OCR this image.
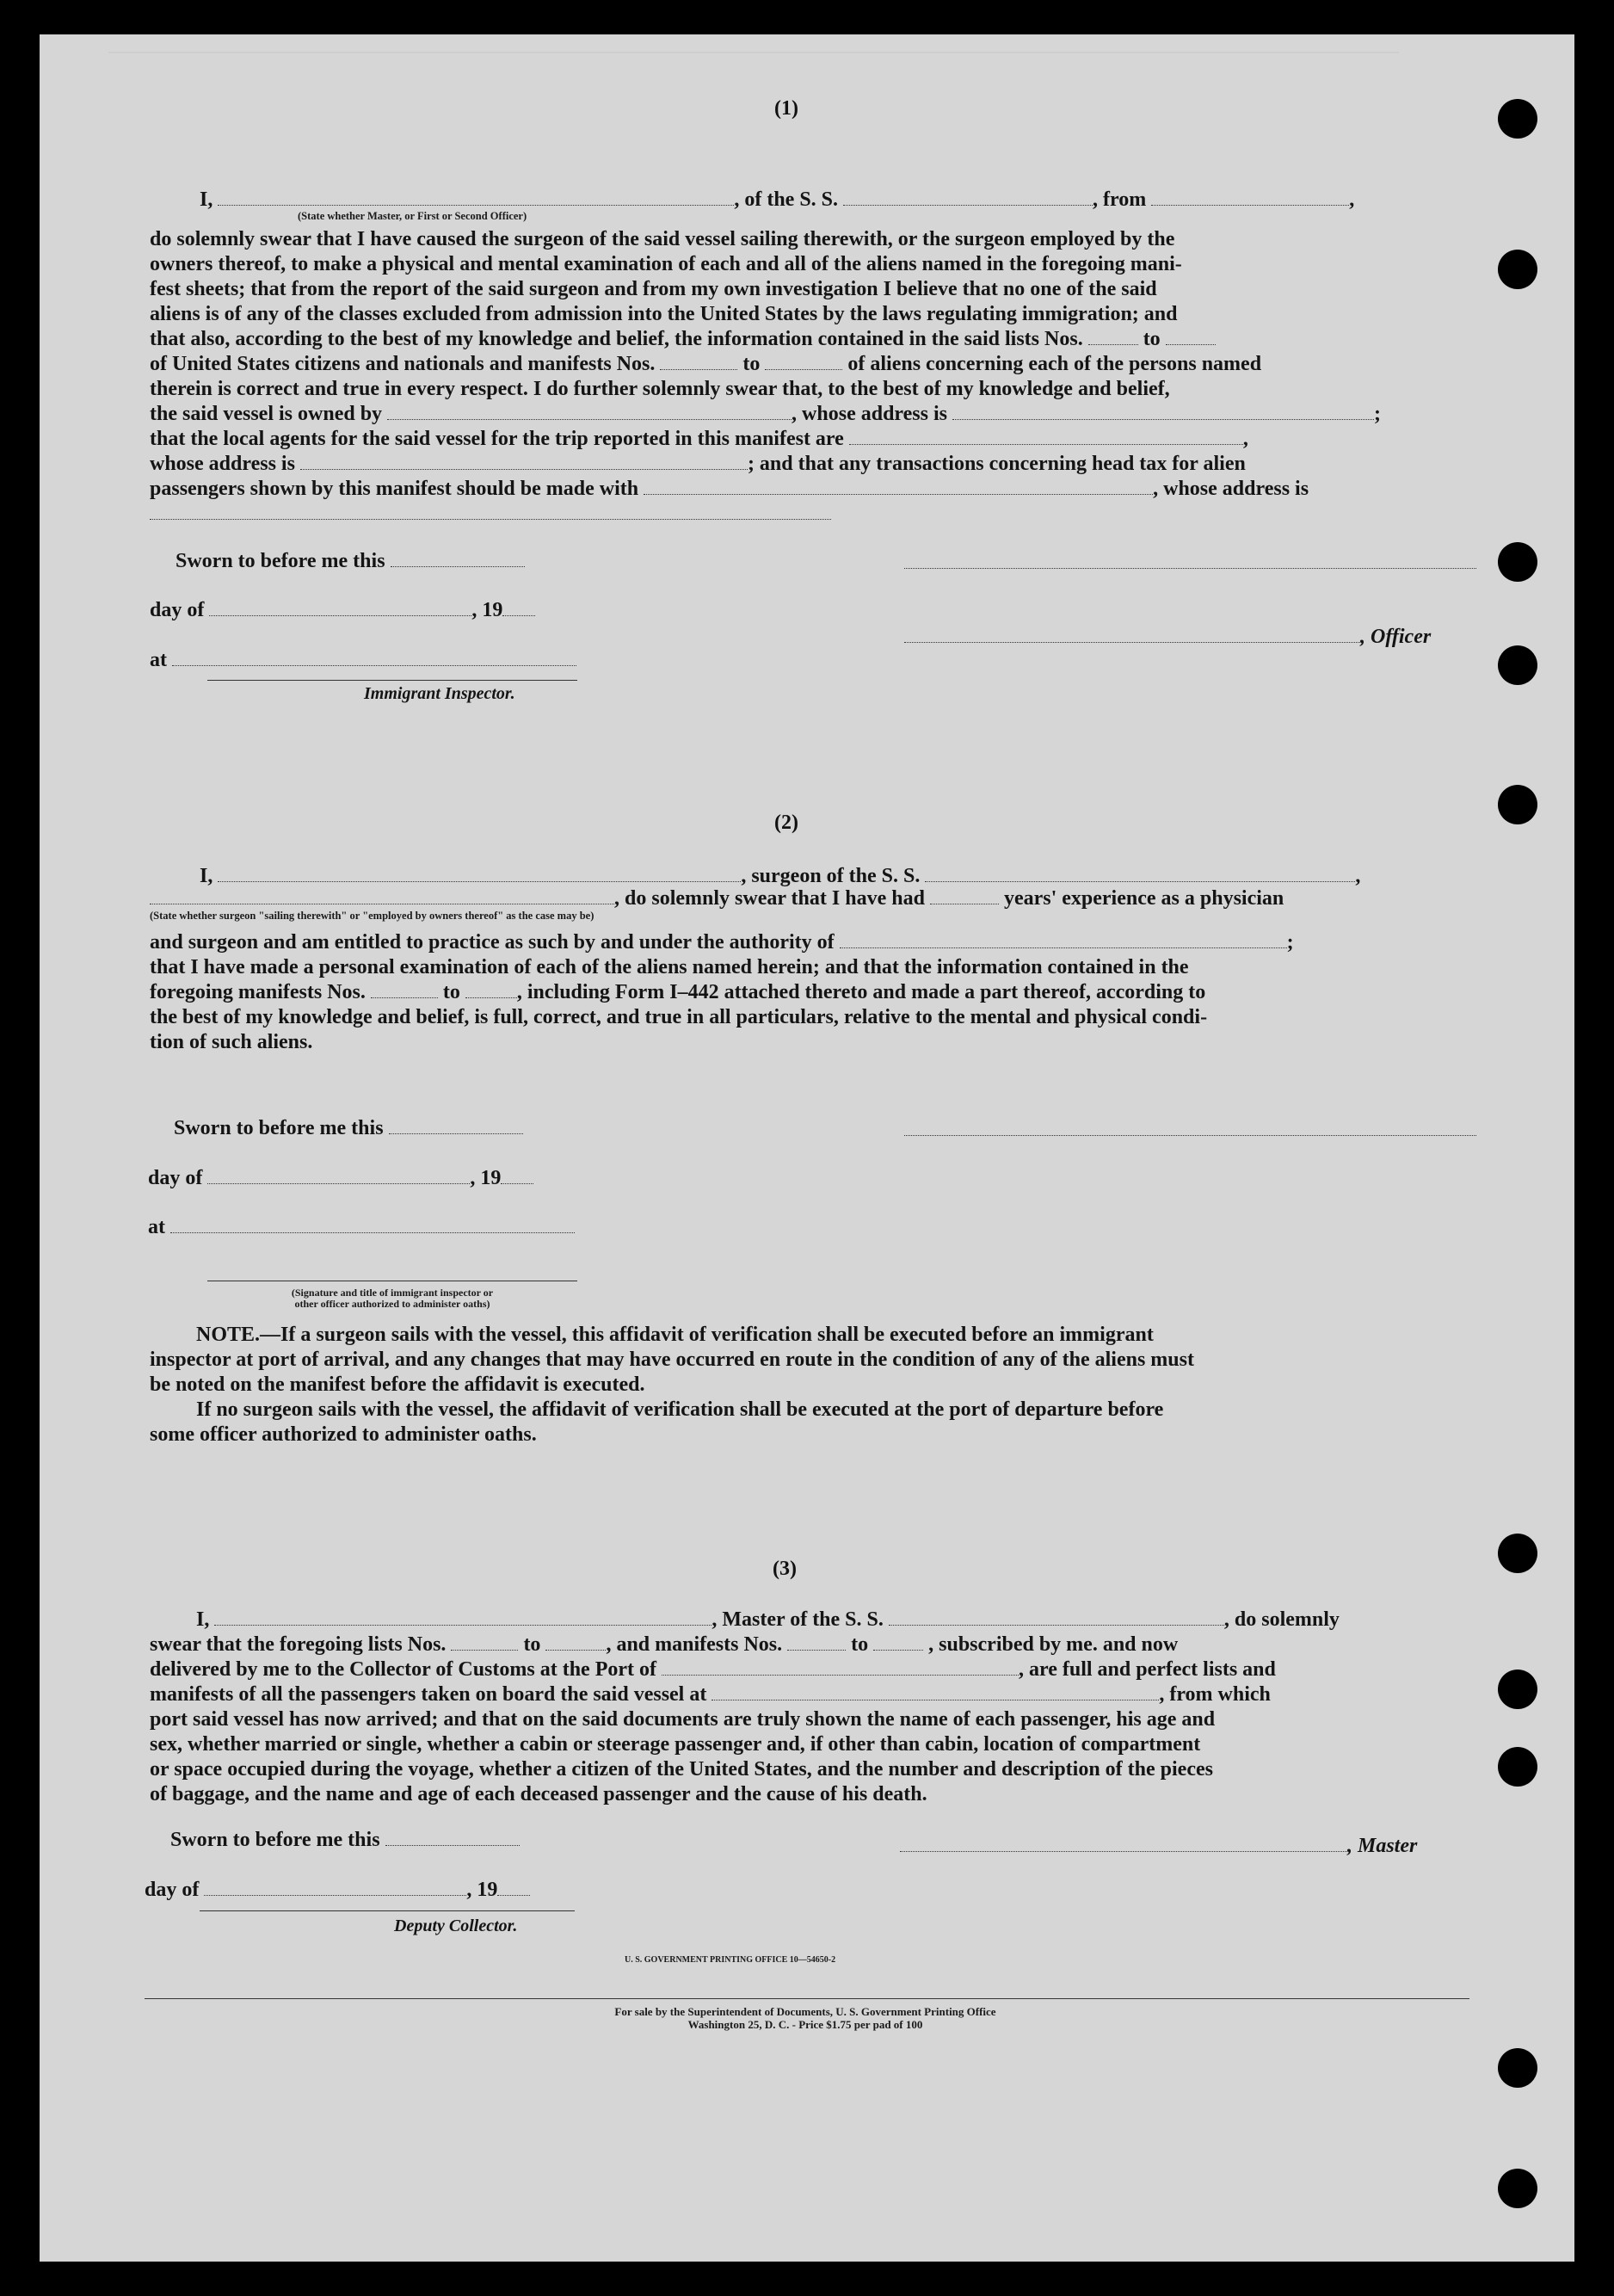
(1)
I,	, of the S. S.	, from	,
(State whether Master, or First or Second Officer)
do solemnly swear that I have caused the surgeon of the said vessel sailing therewith, or the surgeon employed by the
owners thereof, to make a physical and mental examination of each and all of the aliens named in the foregoing mani-
fest sheets; that from the report of the said surgeon and from my own investigation I believe that no one of the said
aliens is of any of the classes excluded from admission into the United States by the laws regulating immigration; and
that also, according to the best of my knowledge and belief, the information contained in the said lists Nos.	to
of United States citizens and nationals and manifests Nos.	to	of aliens concerning each of the persons named
therein is correct and true in every respect. I do further solemnly swear that, to the best of my knowledge and belief,
the said vessel is owned by	, whose address is	;
that the local agents for the said vessel for the trip reported in this manifest are	,
whose address is	; and that any transactions concerning head tax for alien
passengers shown by this manifest should be made with	, whose address is
Sworn to before me this
day of	, 19
, Officer
at
Immigrant Inspector.
(2)
I,	, surgeon of the S. S.	,
, do solemnly swear that I have had	years' experience as a physician
(State whether surgeon "sailing therewith" or "employed by owners thereof" as the case may be)
and surgeon and am entitled to practice as such by and under the authority of	;
that I have made a personal examination of each of the aliens named herein; and that the information contained in the
foregoing manifests Nos.	to	, including Form I–442 attached thereto and made a part thereof, according to
the best of my knowledge and belief, is full, correct, and true in all particulars, relative to the mental and physical condi-
tion of such aliens.
Sworn to before me this
day of	, 19
at
(Signature and title of immigrant inspector or
other officer authorized to administer oaths)
NOTE.—If a surgeon sails with the vessel, this affidavit of verification shall be executed before an immigrant
inspector at port of arrival, and any changes that may have occurred en route in the condition of any of the aliens must
be noted on the manifest before the affidavit is executed.
If no surgeon sails with the vessel, the affidavit of verification shall be executed at the port of departure before
some officer authorized to administer oaths.
(3)
I,	, Master of the S. S.	, do solemnly
swear that the foregoing lists Nos.	to	, and manifests Nos.	to	, subscribed by me. and now
delivered by me to the Collector of Customs at the Port of	, are full and perfect lists and
manifests of all the passengers taken on board the said vessel at	, from which
port said vessel has now arrived; and that on the said documents are truly shown the name of each passenger, his age and
sex, whether married or single, whether a cabin or steerage passenger and, if other than cabin, location of compartment
or space occupied during the voyage, whether a citizen of the United States, and the number and description of the pieces
of baggage, and the name and age of each deceased passenger and the cause of his death.
Sworn to before me this	, Master
day of	, 19
Deputy Collector.
U. S. GOVERNMENT PRINTING OFFICE 10—54650-2
For sale by the Superintendent of Documents, U. S. Government Printing Office
Washington 25, D. C. - Price $1.75 per pad of 100
